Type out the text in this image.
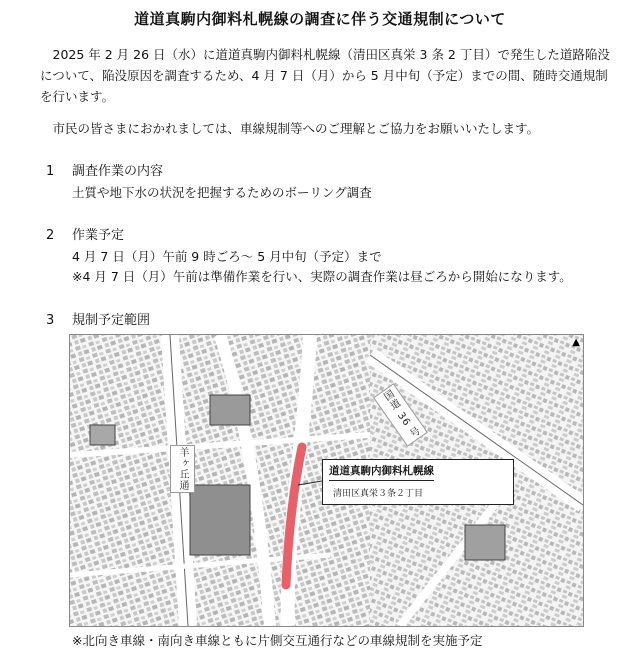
道道真駒内御料札幌線の調査に伴う交通規制について
2025 年 2 月 26 日（水）に道道真駒内御料札幌線（清田区真栄 3 条 2 丁目）で発生した道路陥没について、陥没原因を調査するため、4 月 7 日（月）から 5 月中旬（予定）までの間、随時交通規制を行います。
市民の皆さまにおかれましては、車線規制等へのご理解とご協力をお願いいたします。
1 調査作業の内容
土質や地下水の状況を把握するためのボーリング調査
2 作業予定
4 月 7 日（月）午前 9 時ごろ～ 5 月中旬（予定）まで
※4 月 7 日（月）午前は準備作業を行い、実際の調査作業は昼ごろから開始になります。
3 規制予定範囲
羊ヶ丘通
国道 36 号
道道真駒内御料札幌線
清田区真栄３条２丁目
▲
※北向き車線・南向き車線ともに片側交互通行などの車線規制を実施予定
